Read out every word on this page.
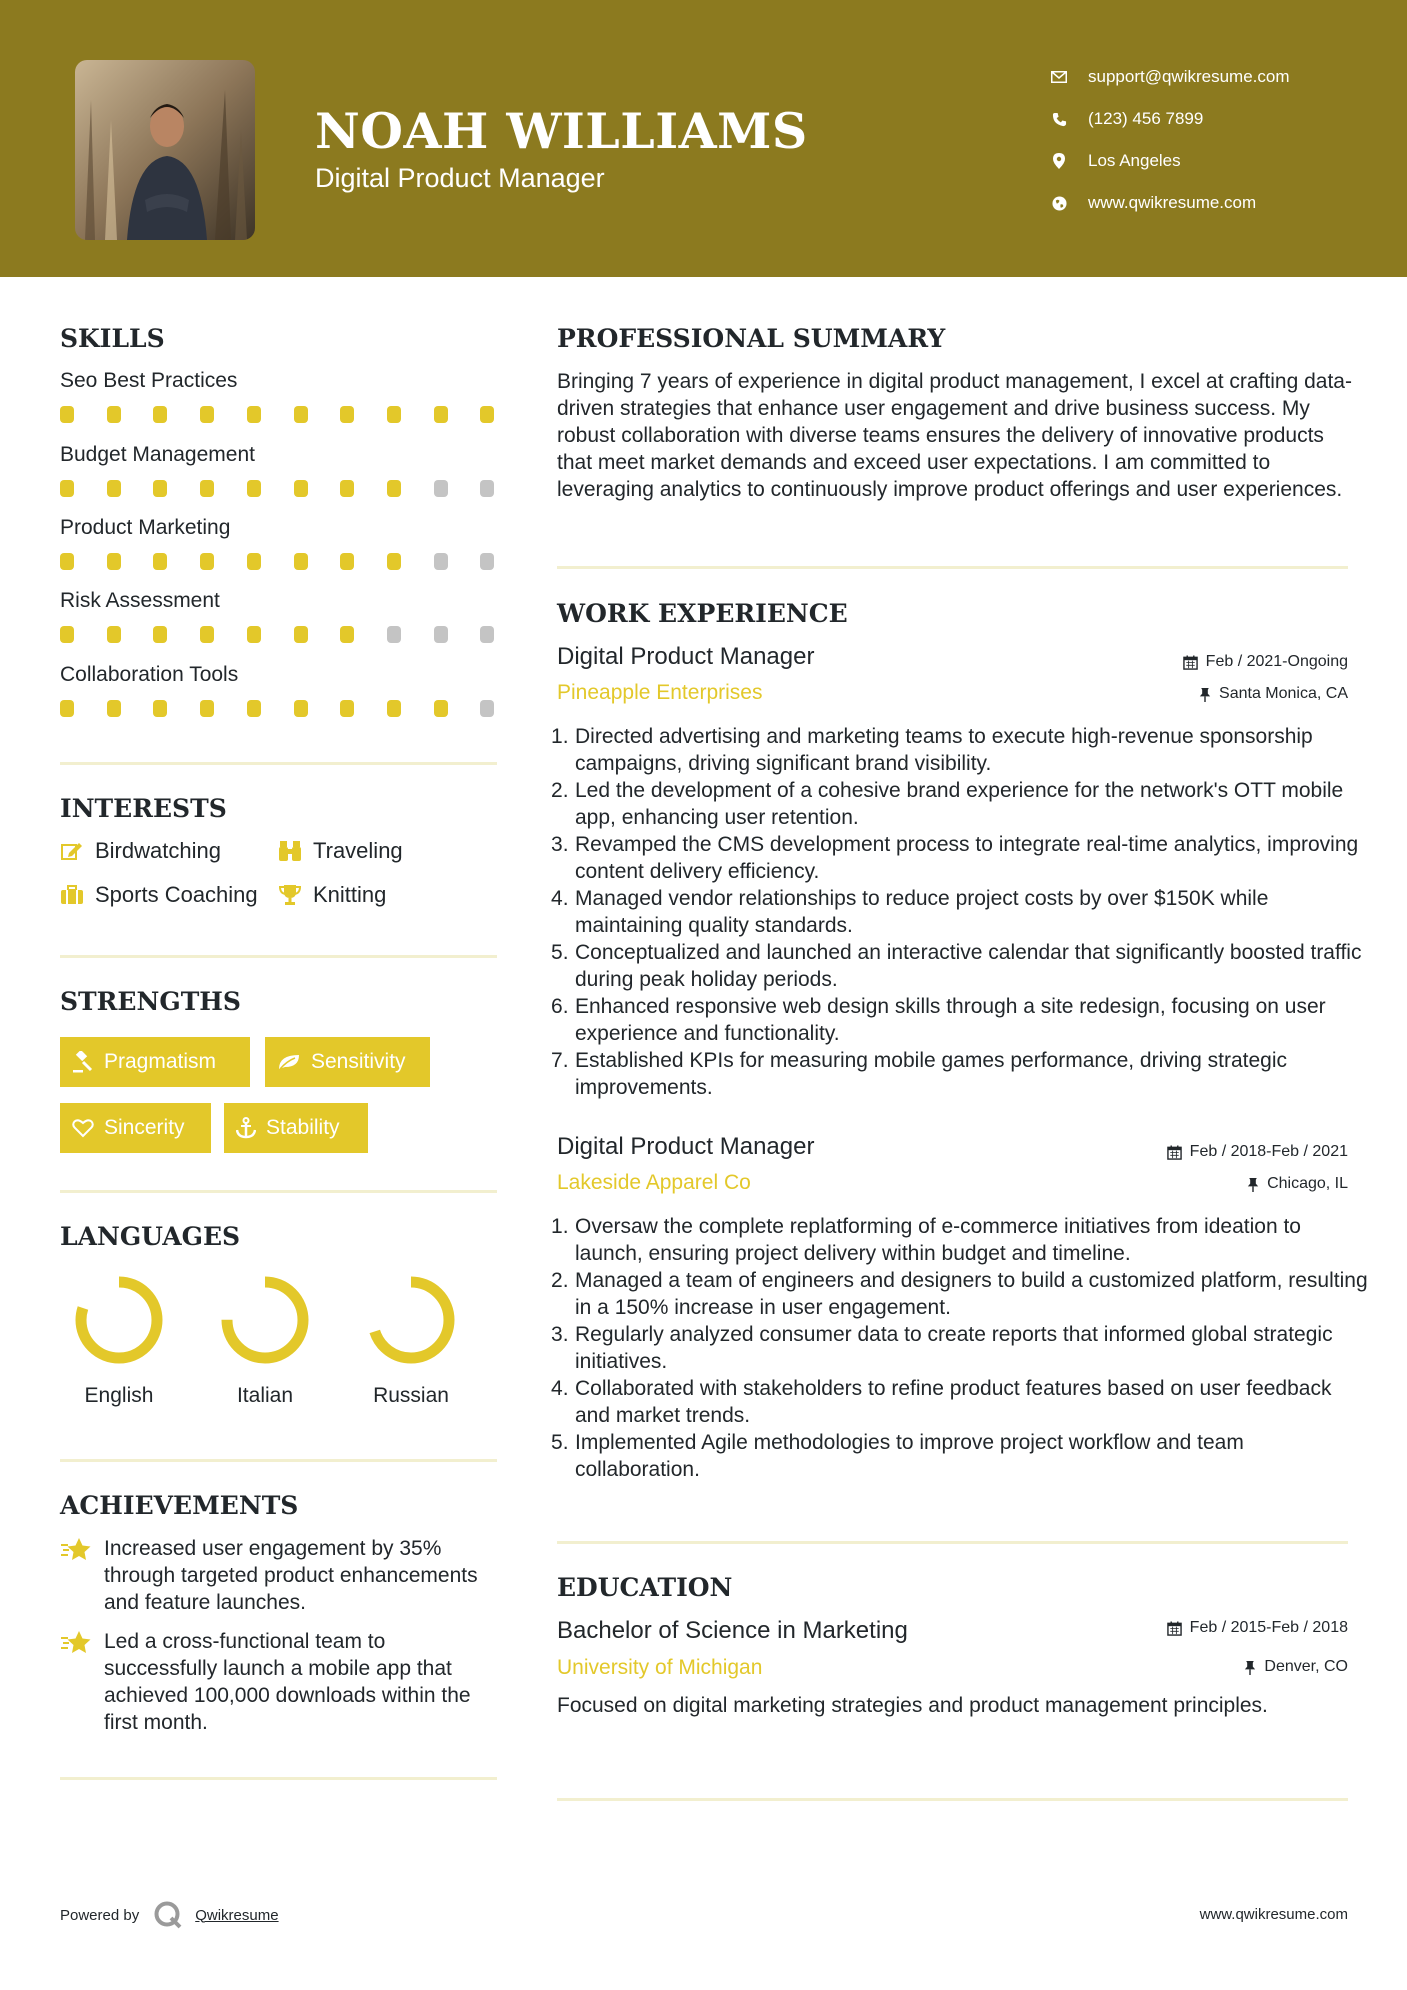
NOAH WILLIAMS
Digital Product Manager
support@qwikresume.com
(123) 456 7899
Los Angeles
www.qwikresume.com
SKILLS
Seo Best Practices
Budget Management
Product Marketing
Risk Assessment
Collaboration Tools
INTERESTS
Birdwatching	Traveling
Sports Coaching	Knitting
STRENGTHS
Pragmatism	Sensitivity
Sincerity	Stability
LANGUAGES
English	Italian	Russian
ACHIEVEMENTS
Increased user engagement by 35% through targeted product enhancements and feature launches.
Led a cross-functional team to successfully launch a mobile app that achieved 100,000 downloads within the first month.
PROFESSIONAL SUMMARY
Bringing 7 years of experience in digital product management, I excel at crafting data-driven strategies that enhance user engagement and drive business success. My robust collaboration with diverse teams ensures the delivery of innovative products that meet market demands and exceed user expectations. I am committed to leveraging analytics to continuously improve product offerings and user experiences.
WORK EXPERIENCE
Digital Product Manager	Feb / 2021-Ongoing
Pineapple Enterprises	Santa Monica, CA
Directed advertising and marketing teams to execute high-revenue sponsorship campaigns, driving significant brand visibility.
Led the development of a cohesive brand experience for the network's OTT mobile app, enhancing user retention.
Revamped the CMS development process to integrate real-time analytics, improving content delivery efficiency.
Managed vendor relationships to reduce project costs by over $150K while maintaining quality standards.
Conceptualized and launched an interactive calendar that significantly boosted traffic during peak holiday periods.
Enhanced responsive web design skills through a site redesign, focusing on user experience and functionality.
Established KPIs for measuring mobile games performance, driving strategic improvements.
Digital Product Manager	Feb / 2018-Feb / 2021
Lakeside Apparel Co	Chicago, IL
Oversaw the complete replatforming of e-commerce initiatives from ideation to launch, ensuring project delivery within budget and timeline.
Managed a team of engineers and designers to build a customized platform, resulting in a 150% increase in user engagement.
Regularly analyzed consumer data to create reports that informed global strategic initiatives.
Collaborated with stakeholders to refine product features based on user feedback and market trends.
Implemented Agile methodologies to improve project workflow and team collaboration.
EDUCATION
Bachelor of Science in Marketing	Feb / 2015-Feb / 2018
University of Michigan	Denver, CO
Focused on digital marketing strategies and product management principles.
Powered by	Qwikresume	www.qwikresume.com
